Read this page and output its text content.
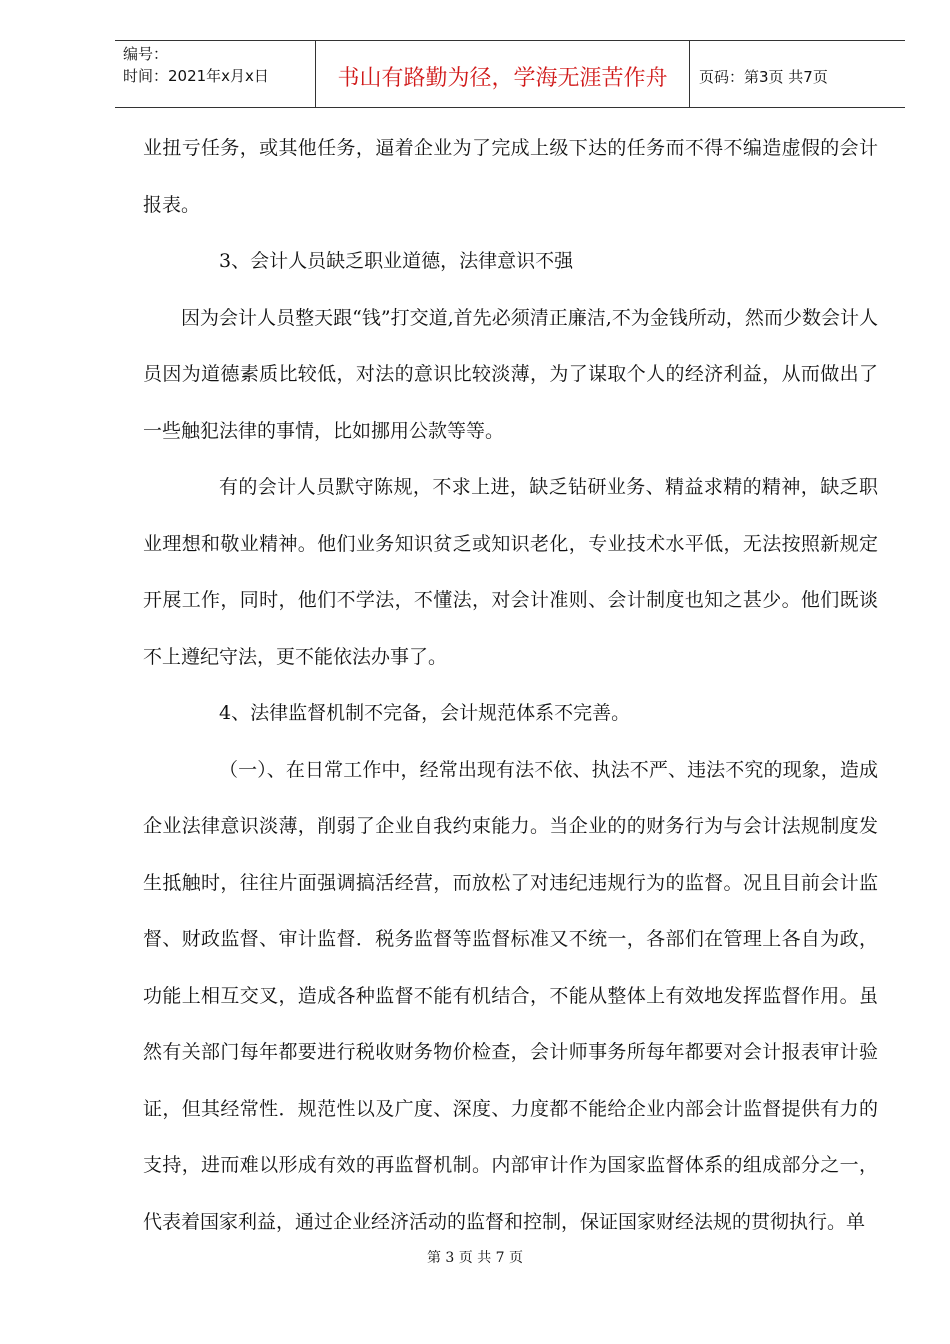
编号：
时间：2021年x月x日	书山有路勤为径，学海无涯苦作舟	页码：第3页 共7页

业扭亏任务，或其他任务，逼着企业为了完成上级下达的任务而不得不编造虚假的会计报表。

3、会计人员缺乏职业道德，法律意识不强

因为会计人员整天跟“钱”打交道,首先必须清正廉洁,不为金钱所动，然而少数会计人员因为道德素质比较低，对法的意识比较淡薄，为了谋取个人的经济利益，从而做出了一些触犯法律的事情，比如挪用公款等等。

有的会计人员默守陈规，不求上进，缺乏钻研业务、精益求精的精神，缺乏职业理想和敬业精神。他们业务知识贫乏或知识老化，专业技术水平低，无法按照新规定开展工作，同时，他们不学法，不懂法，对会计准则、会计制度也知之甚少。他们既谈不上遵纪守法，更不能依法办事了。

4、法律监督机制不完备，会计规范体系不完善。

（一）、在日常工作中，经常出现有法不依、执法不严、违法不究的现象，造成企业法律意识淡薄，削弱了企业自我约束能力。当企业的的财务行为与会计法规制度发生抵触时，往往片面强调搞活经营，而放松了对违纪违规行为的监督。况且目前会计监督、财政监督、审计监督．税务监督等监督标准又不统一，各部们在管理上各自为政，功能上相互交叉，造成各种监督不能有机结合，不能从整体上有效地发挥监督作用。虽然有关部门每年都要进行税收财务物价检查，会计师事务所每年都要对会计报表审计验证，但其经常性．规范性以及广度、深度、力度都不能给企业内部会计监督提供有力的支持，进而难以形成有效的再监督机制。内部审计作为国家监督体系的组成部分之一，代表着国家利益，通过企业经济活动的监督和控制，保证国家财经法规的贯彻执行。单

第 3 页 共 7 页
